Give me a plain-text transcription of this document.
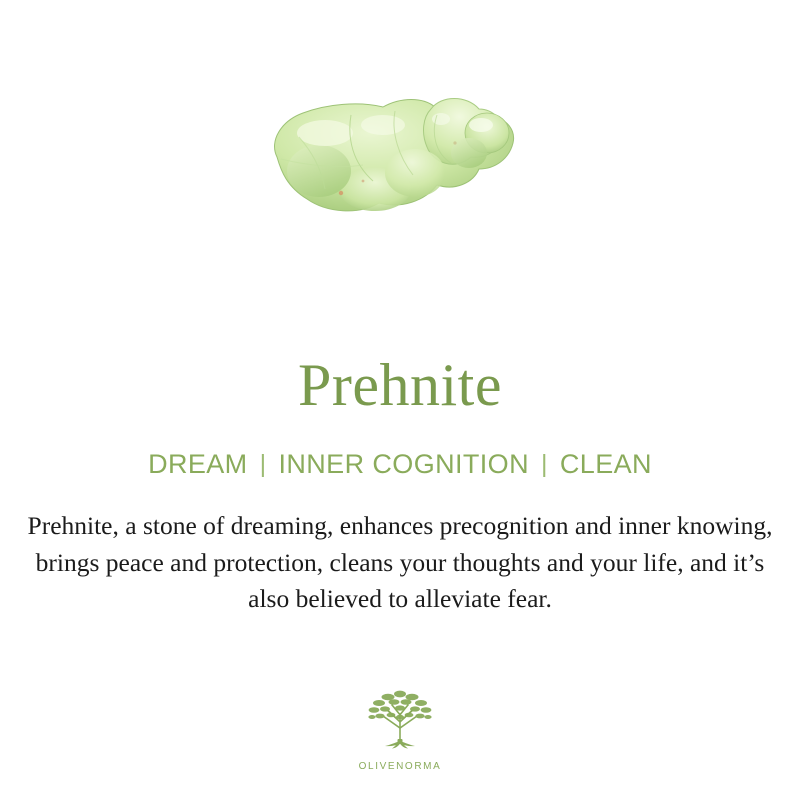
Prehnite
DREAM | INNER COGNITION | CLEAN
Prehnite, a stone of dreaming, enhances precognition and inner knowing, brings peace and protection, cleans your thoughts and your life, and it’s also believed to alleviate fear.
OLIVENORMA
